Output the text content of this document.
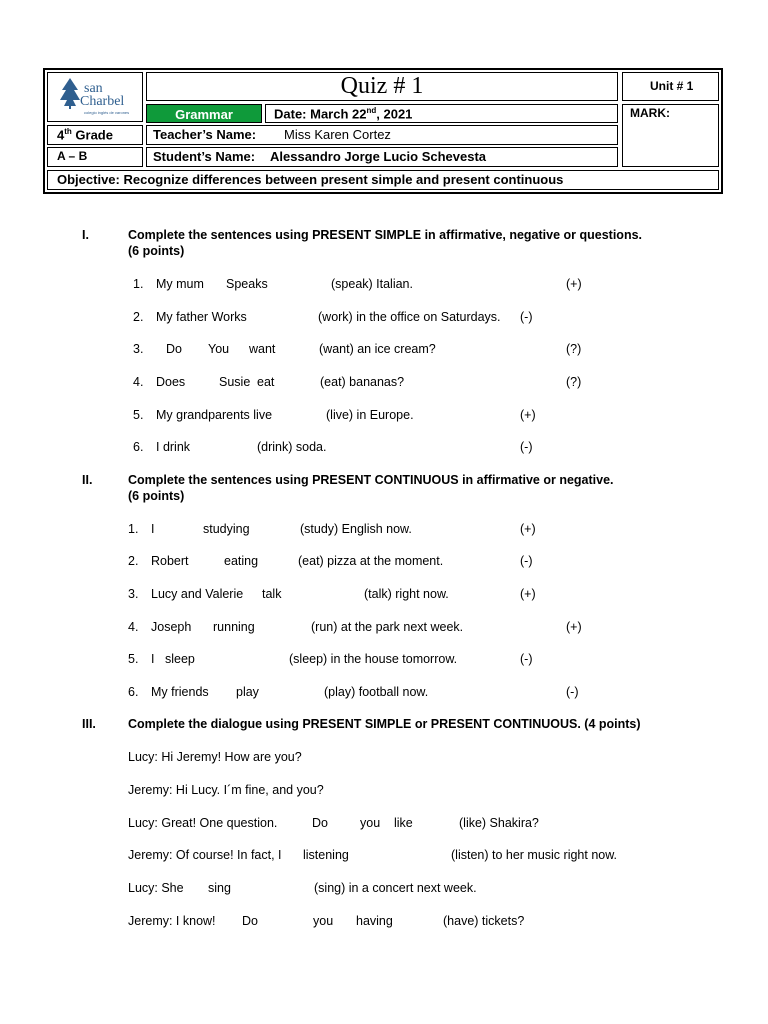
san
Charbel
colegio inglés de varones
Quiz # 1	Unit # 1
Grammar	Date: March 22nd, 2021	MARK:
4th Grade	Teacher’s Name: Miss Karen Cortez
A – B	Student’s Name: Alessandro Jorge Lucio Schevesta
Objective: Recognize differences between present simple and present continuous
I.	Complete the sentences using PRESENT SIMPLE in affirmative, negative or questions.
(6 points)
1. My mum Speaks	(speak) Italian.	(+)
2. My father Works	(work) in the office on Saturdays. (-)
3. Do You want	(want) an ice cream?	(?)
4. Does	Susie eat	(eat) bananas?	(?)
5. My grandparents live	(live) in Europe.	(+)
6. I drink	(drink) soda.	(-)
II.	Complete the sentences using PRESENT CONTINUOUS in affirmative or negative.
(6 points)
1. I	studying	(study) English now.	(+)
2. Robert	eating	(eat) pizza at the moment.	(-)
3. Lucy and Valerie talk	(talk) right now.	(+)
4. Joseph running	(run) at the park next week.	(+)
5. I sleep	(sleep) in the house tomorrow.	(-)
6. My friends play	(play) football now.	(-)
III.	Complete the dialogue using PRESENT SIMPLE or PRESENT CONTINUOUS. (4 points)
Lucy: Hi Jeremy! How are you?
Jeremy: Hi Lucy. I´m fine, and you?
Lucy: Great! One question.	Do	you like	(like) Shakira?
Jeremy: Of course! In fact, I listening	(listen) to her music right now.
Lucy: She sing	(sing) in a concert next week.
Jeremy: I know! Do	you having	(have) tickets?
